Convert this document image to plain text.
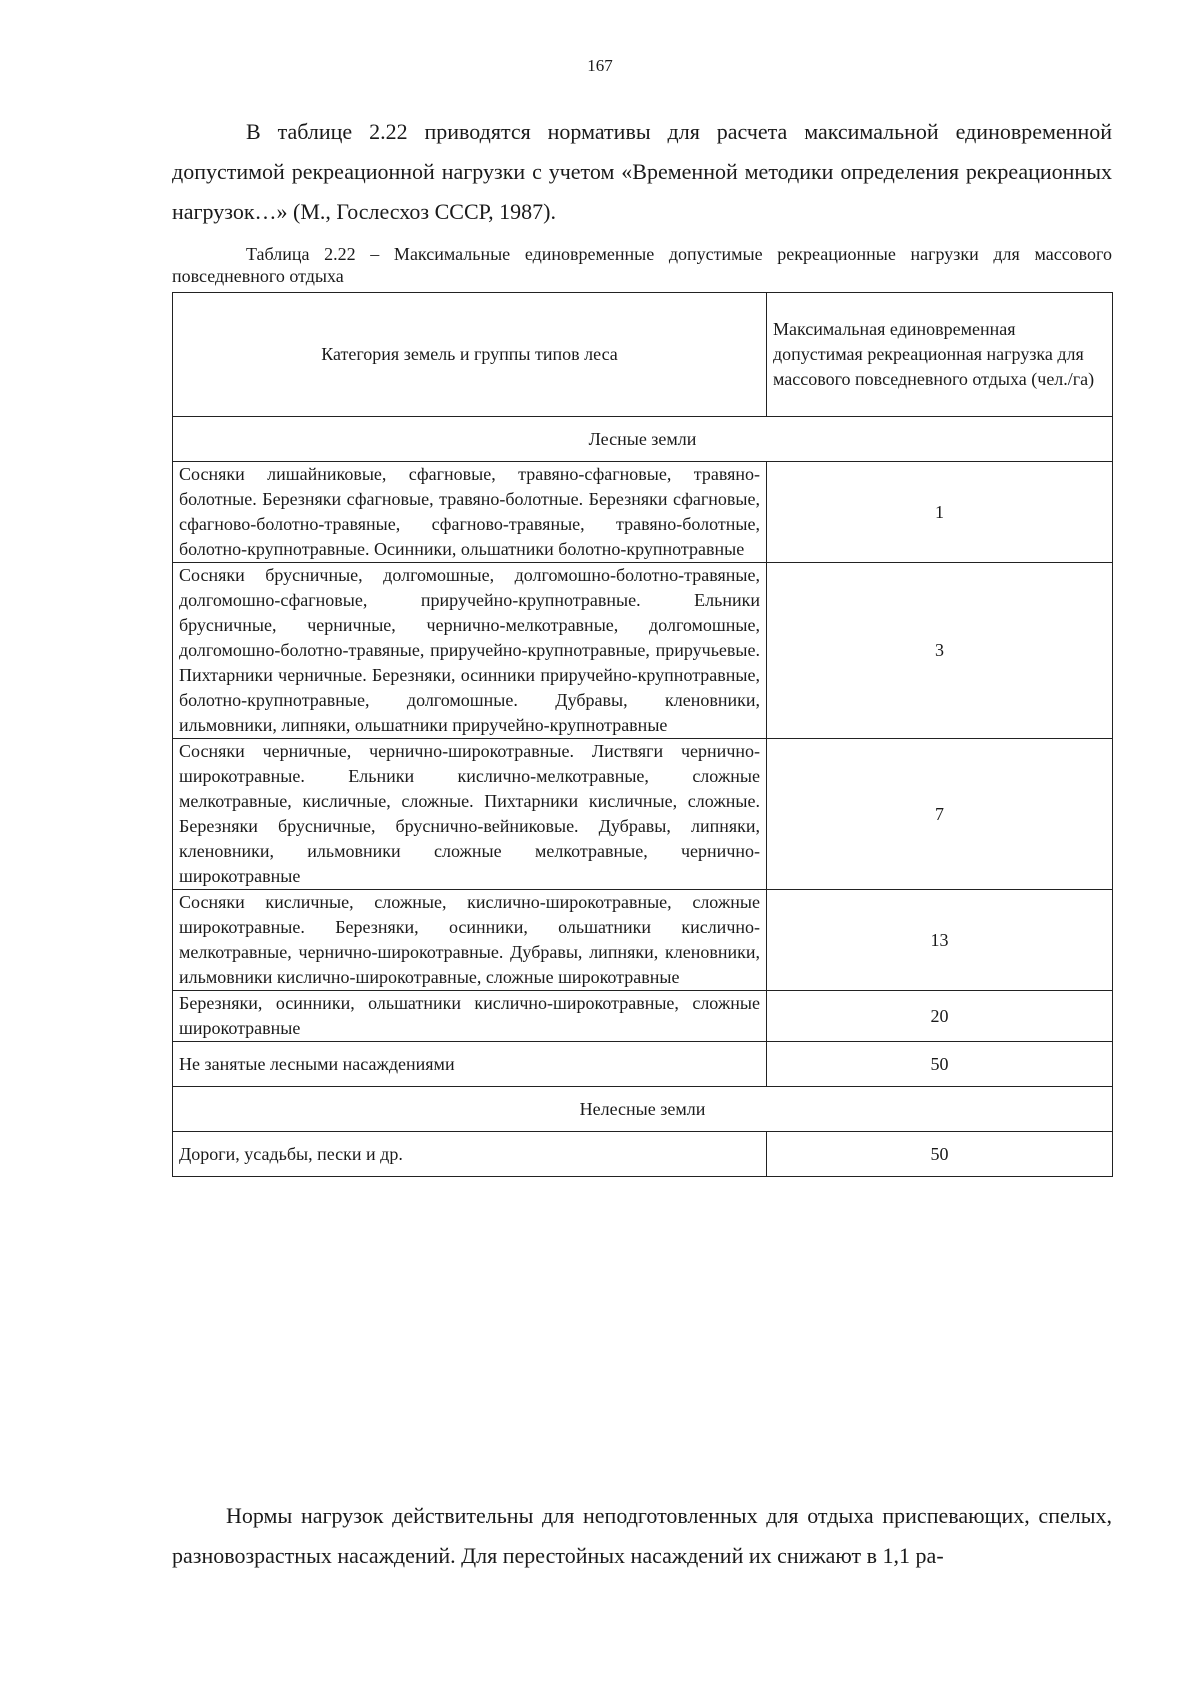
167

В таблице 2.22 приводятся нормативы для расчета максимальной единовременной допустимой рекреационной нагрузки с учетом «Временной методики определения рекреационных нагрузок…» (М., Гослесхоз СССР, 1987).

Таблица 2.22 – Максимальные единовременные допустимые рекреационные нагрузки для массового повседневного отдыха

Категория земель и группы типов леса	Максимальная единовременная допустимая рекреационная нагрузка для массового повседневного отдыха (чел./га)
Лесные земли	
Сосняки лишайниковые, сфагновые, травяно-сфагновые, травяно-болотные. Березняки сфагновые, травяно-болотные. Березняки сфагновые, сфагново-болотно-травяные, сфагново-травяные, травяно-болотные, болотно-крупнотравные. Осинники, ольшатники болотно-крупнотравные	1
Сосняки брусничные, долгомошные, долгомошно-болотно-травяные, долгомошно-сфагновые, приручейно-крупнотравные. Ельники брусничные, черничные, чернично-мелкотравные, долгомошные, долгомошно-болотно-травяные, приручейно-крупнотравные, приручьевые. Пихтарники черничные. Березняки, осинники приручейно-крупнотравные, болотно-крупнотравные, долгомошные. Дубравы, кленовники, ильмовники, липняки, ольшатники приручейно-крупнотравные	3
Сосняки черничные, чернично-широкотравные. Листвяги чернично-широкотравные. Ельники кислично-мелкотравные, сложные мелкотравные, кисличные, сложные. Пихтарники кисличные, сложные. Березняки брусничные, бруснично-вейниковые. Дубравы, липняки, кленовники, ильмовники сложные мелкотравные, чернично-широкотравные	7
Сосняки кисличные, сложные, кислично-широкотравные, сложные широкотравные. Березняки, осинники, ольшатники кислично-мелкотравные, чернично-широкотравные. Дубравы, липняки, кленовники, ильмовники кислично-широкотравные, сложные широкотравные	13
Березняки, осинники, ольшатники кислично-широкотравные, сложные широкотравные	20
Не занятые лесными насаждениями	50
Нелесные земли	
Дороги, усадьбы, пески и др.	50

Нормы нагрузок действительны для неподготовленных для отдыха приспевающих, спелых, разновозрастных насаждений. Для перестойных насаждений их снижают в 1,1 ра-
